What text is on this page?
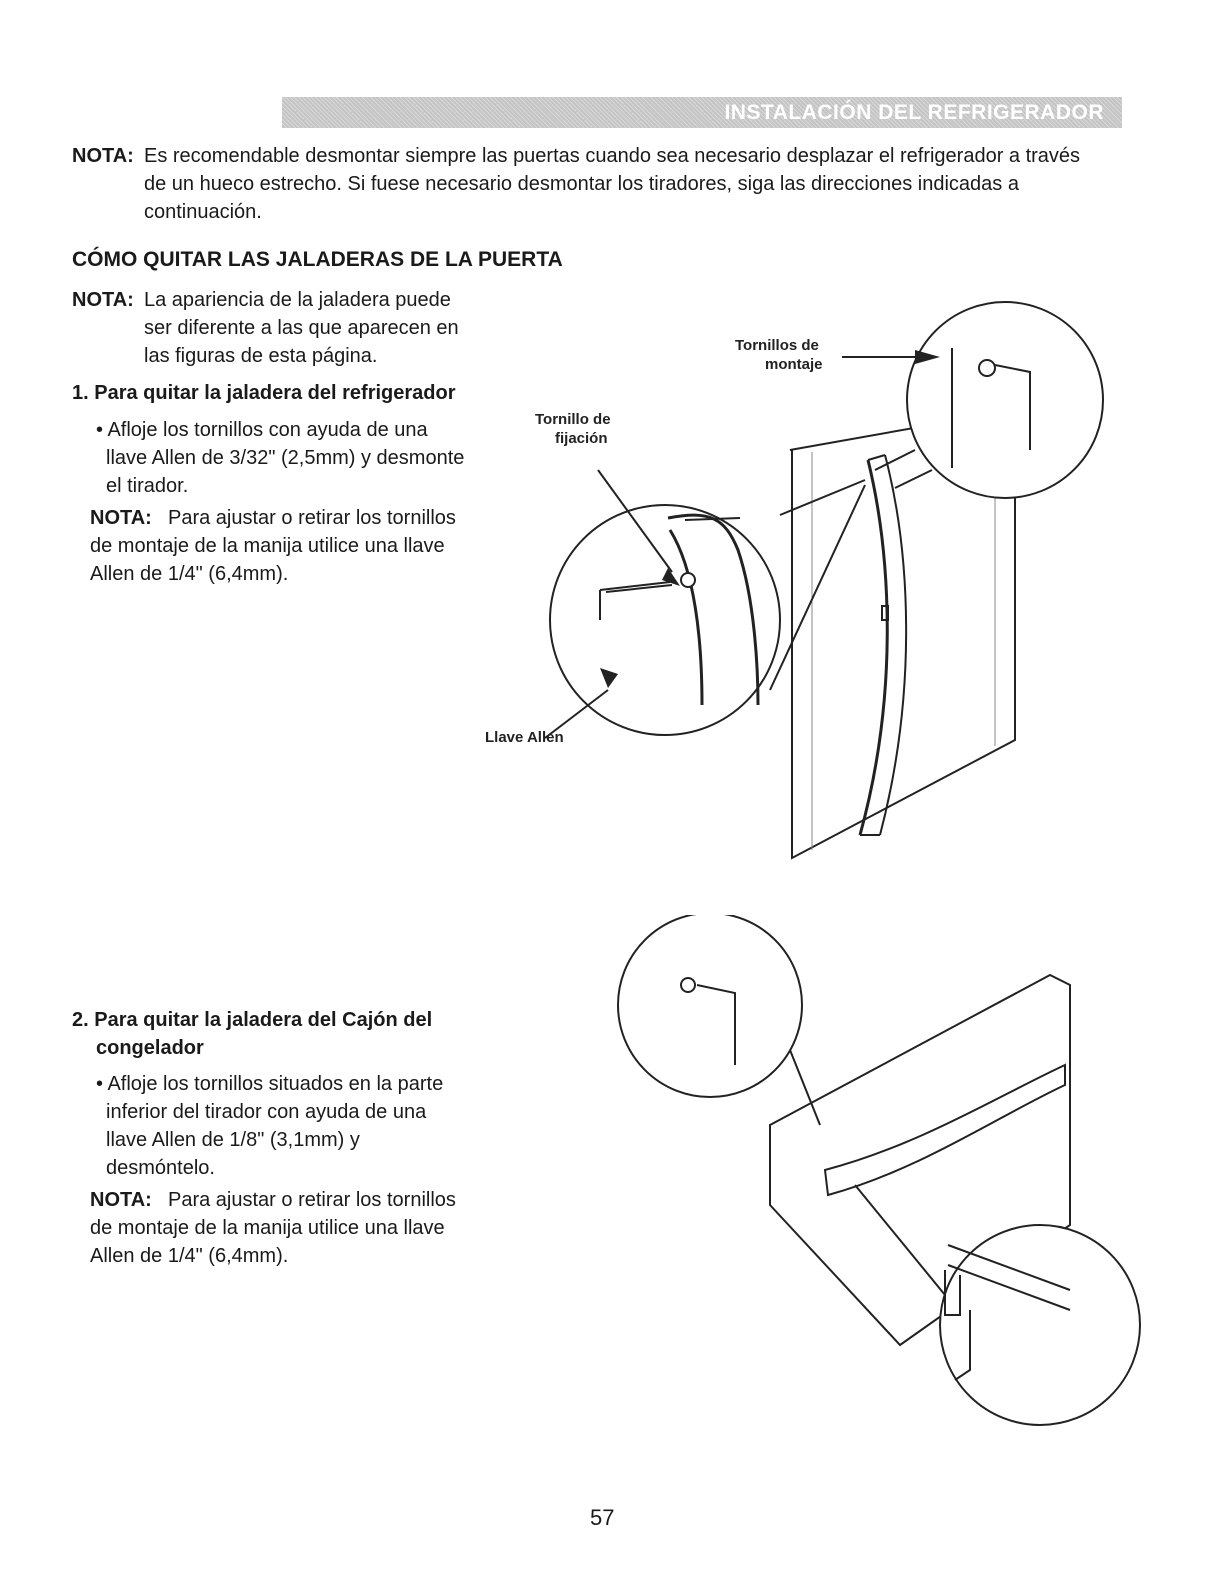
INSTALACIÓN DEL REFRIGERADOR
NOTA: Es recomendable desmontar siempre las puertas cuando sea necesario desplazar el refrigerador a través de un hueco estrecho. Si fuese necesario desmontar los tiradores, siga las direcciones indicadas a continuación.
CÓMO QUITAR LAS JALADERAS DE LA PUERTA
NOTA: La apariencia de la jaladera puede
ser diferente a las que aparecen en
las figuras de esta página.
1. Para quitar la jaladera del refrigerador
• Afloje los tornillos con ayuda de una
llave Allen de 3/32" (2,5mm) y desmonte
el tirador.
NOTA: Para ajustar o retirar los tornillos
de montaje de la manija utilice una llave
Allen de 1/4" (6,4mm).
2. Para quitar la jaladera del Cajón del
congelador
• Afloje los tornillos situados en la parte
inferior del tirador con ayuda de una
llave Allen de 1/8" (3,1mm) y
desmóntelo.
NOTA: Para ajustar o retirar los tornillos
de montaje de la manija utilice una llave
Allen de 1/4" (6,4mm).
Tornillos de
montaje
Tornillo de
fijación
Llave Allen
57
